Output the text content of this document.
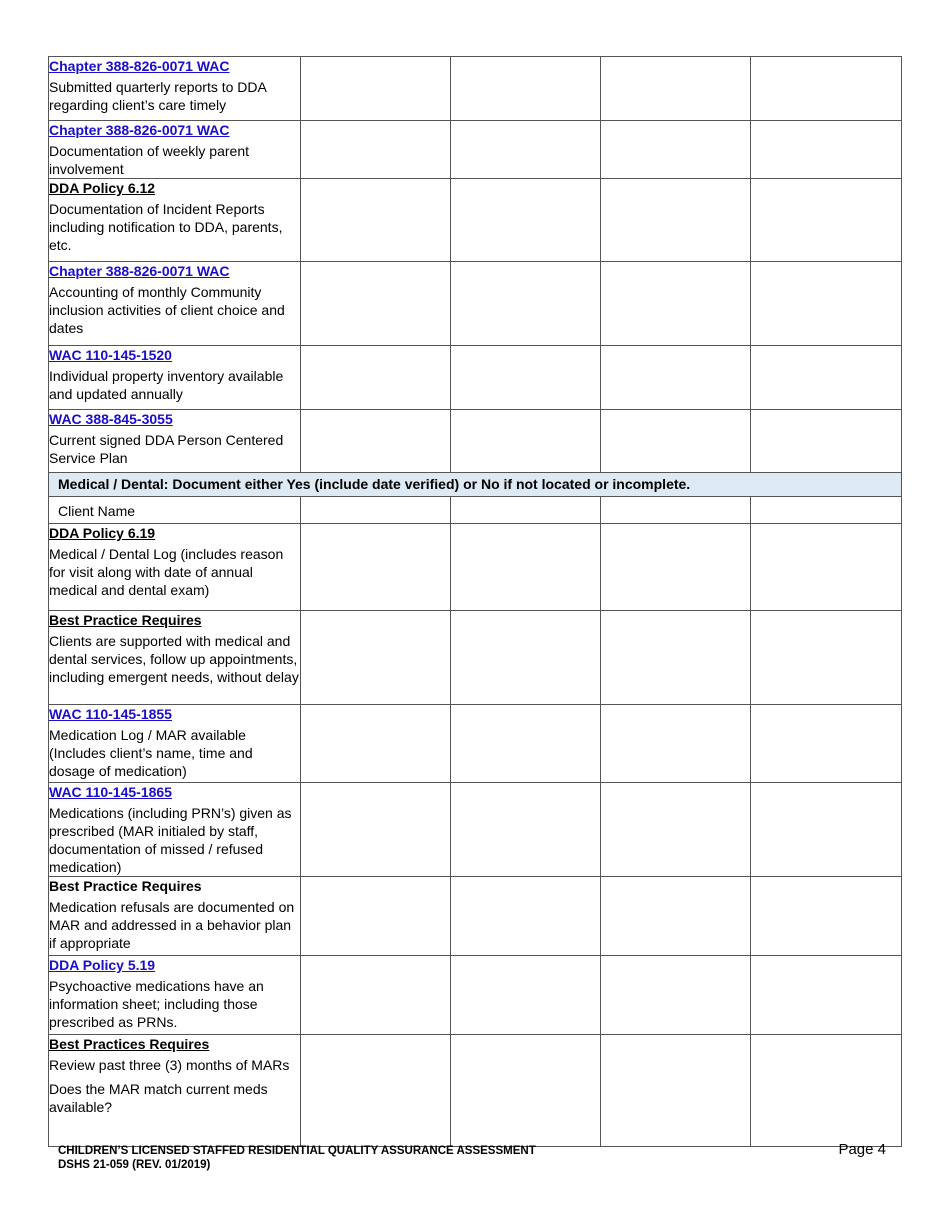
Chapter 388-826-0071 WAC
Submitted quarterly reports to DDA regarding client’s care timely				

Chapter 388-826-0071 WAC
Documentation of weekly parent involvement				

DDA Policy 6.12
Documentation of Incident Reports including notification to DDA, parents, etc.				

Chapter 388-826-0071 WAC
Accounting of monthly Community inclusion activities of client choice and dates				

WAC 110-145-1520
Individual property inventory available and updated annually				

WAC 388-845-3055
Current signed DDA Person Centered Service Plan				

Medical / Dental: Document either Yes (include date verified) or No if not located or incomplete.				
Client Name				
DDA Policy 6.19
Medical / Dental Log (includes reason for visit along with date of annual medical and dental exam)				

Best Practice Requires
Clients are supported with medical and dental services, follow up appointments, including emergent needs, without delay				

WAC 110-145-1855
Medication Log / MAR available (Includes client’s name, time and dosage of medication)				

WAC 110-145-1865
Medications (including PRN’s) given as prescribed (MAR initialed by staff, documentation of missed / refused medication)				

Best Practice Requires
Medication refusals are documented on MAR and addressed in a behavior plan if appropriate				

DDA Policy 5.19
Psychoactive medications have an information sheet; including those prescribed as PRNs.				

Best Practices Requires
Review past three (3) months of MARs
Does the MAR match current meds available?				

CHILDREN’S LICENSED STAFFED RESIDENTIAL QUALITY ASSURANCE ASSESSMENT
DSHS 21-059 (REV. 01/2019)
Page 4
